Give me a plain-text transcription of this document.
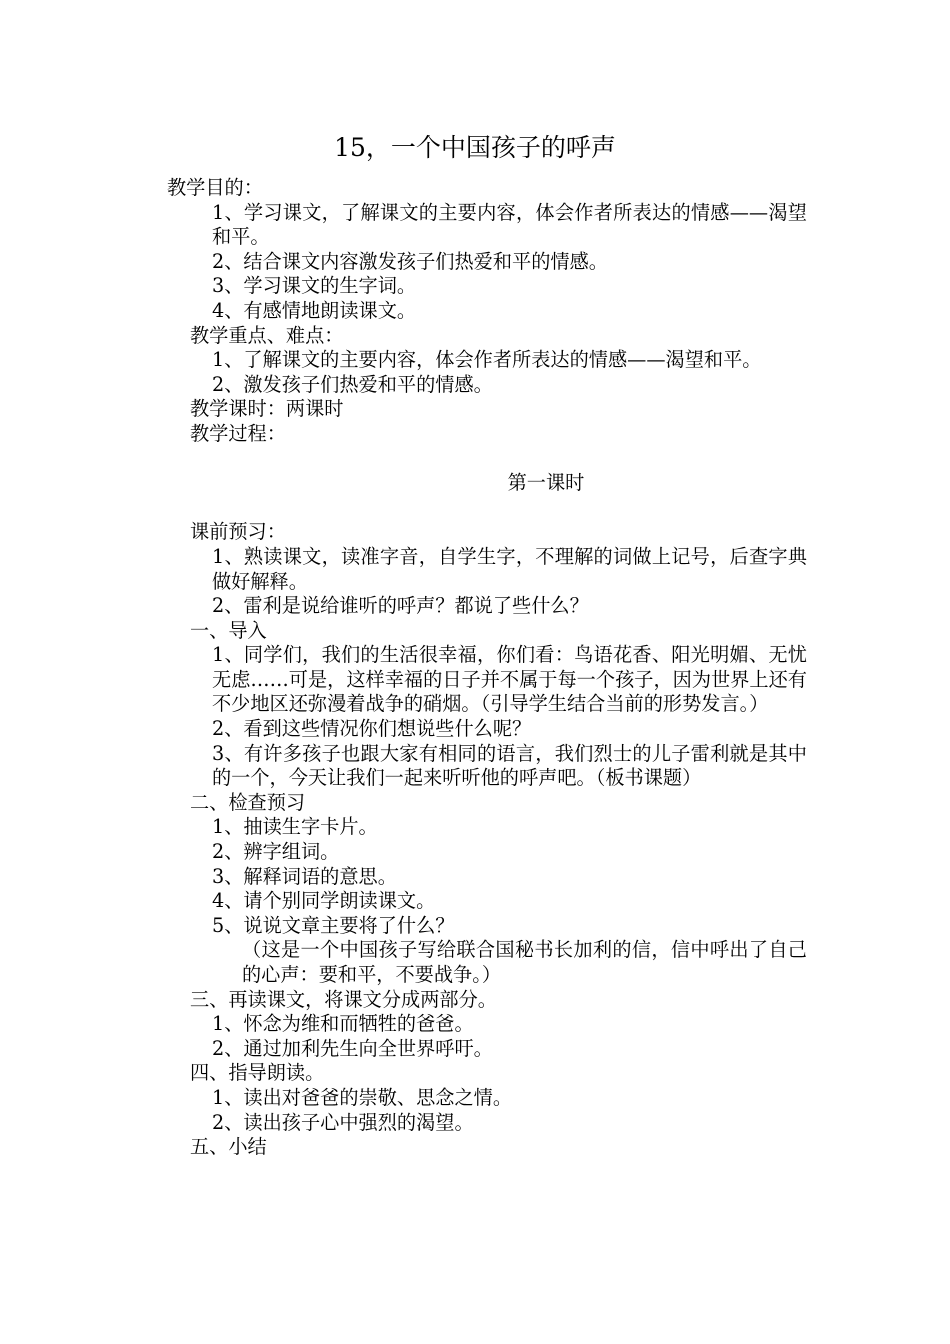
15，一个中国孩子的呼声
教学目的：
1、学习课文，了解课文的主要内容，体会作者所表达的情感——渴望和平。
2、结合课文内容激发孩子们热爱和平的情感。
3、学习课文的生字词。
4、有感情地朗读课文。
教学重点、难点：
1、了解课文的主要内容，体会作者所表达的情感——渴望和平。
2、激发孩子们热爱和平的情感。
教学课时：两课时
教学过程：
第一课时
课前预习：
1、熟读课文，读准字音，自学生字，不理解的词做上记号，后查字典做好解释。
2、雷利是说给谁听的呼声？都说了些什么？
一、导入
1、同学们，我们的生活很幸福，你们看：鸟语花香、阳光明媚、无忧无虑……可是，这样幸福的日子并不属于每一个孩子，因为世界上还有不少地区还弥漫着战争的硝烟。（引导学生结合当前的形势发言。）
2、看到这些情况你们想说些什么呢？
3、有许多孩子也跟大家有相同的语言，我们烈士的儿子雷利就是其中的一个，今天让我们一起来听听他的呼声吧。（板书课题）
二、检查预习
1、抽读生字卡片。
2、辨字组词。
3、解释词语的意思。
4、请个别同学朗读课文。
5、说说文章主要将了什么？
（这是一个中国孩子写给联合国秘书长加利的信，信中呼出了自己的心声：要和平，不要战争。）
三、再读课文，将课文分成两部分。
1、怀念为维和而牺牲的爸爸。
2、通过加利先生向全世界呼吁。
四、指导朗读。
1、读出对爸爸的崇敬、思念之情。
2、读出孩子心中强烈的渴望。
五、小结
